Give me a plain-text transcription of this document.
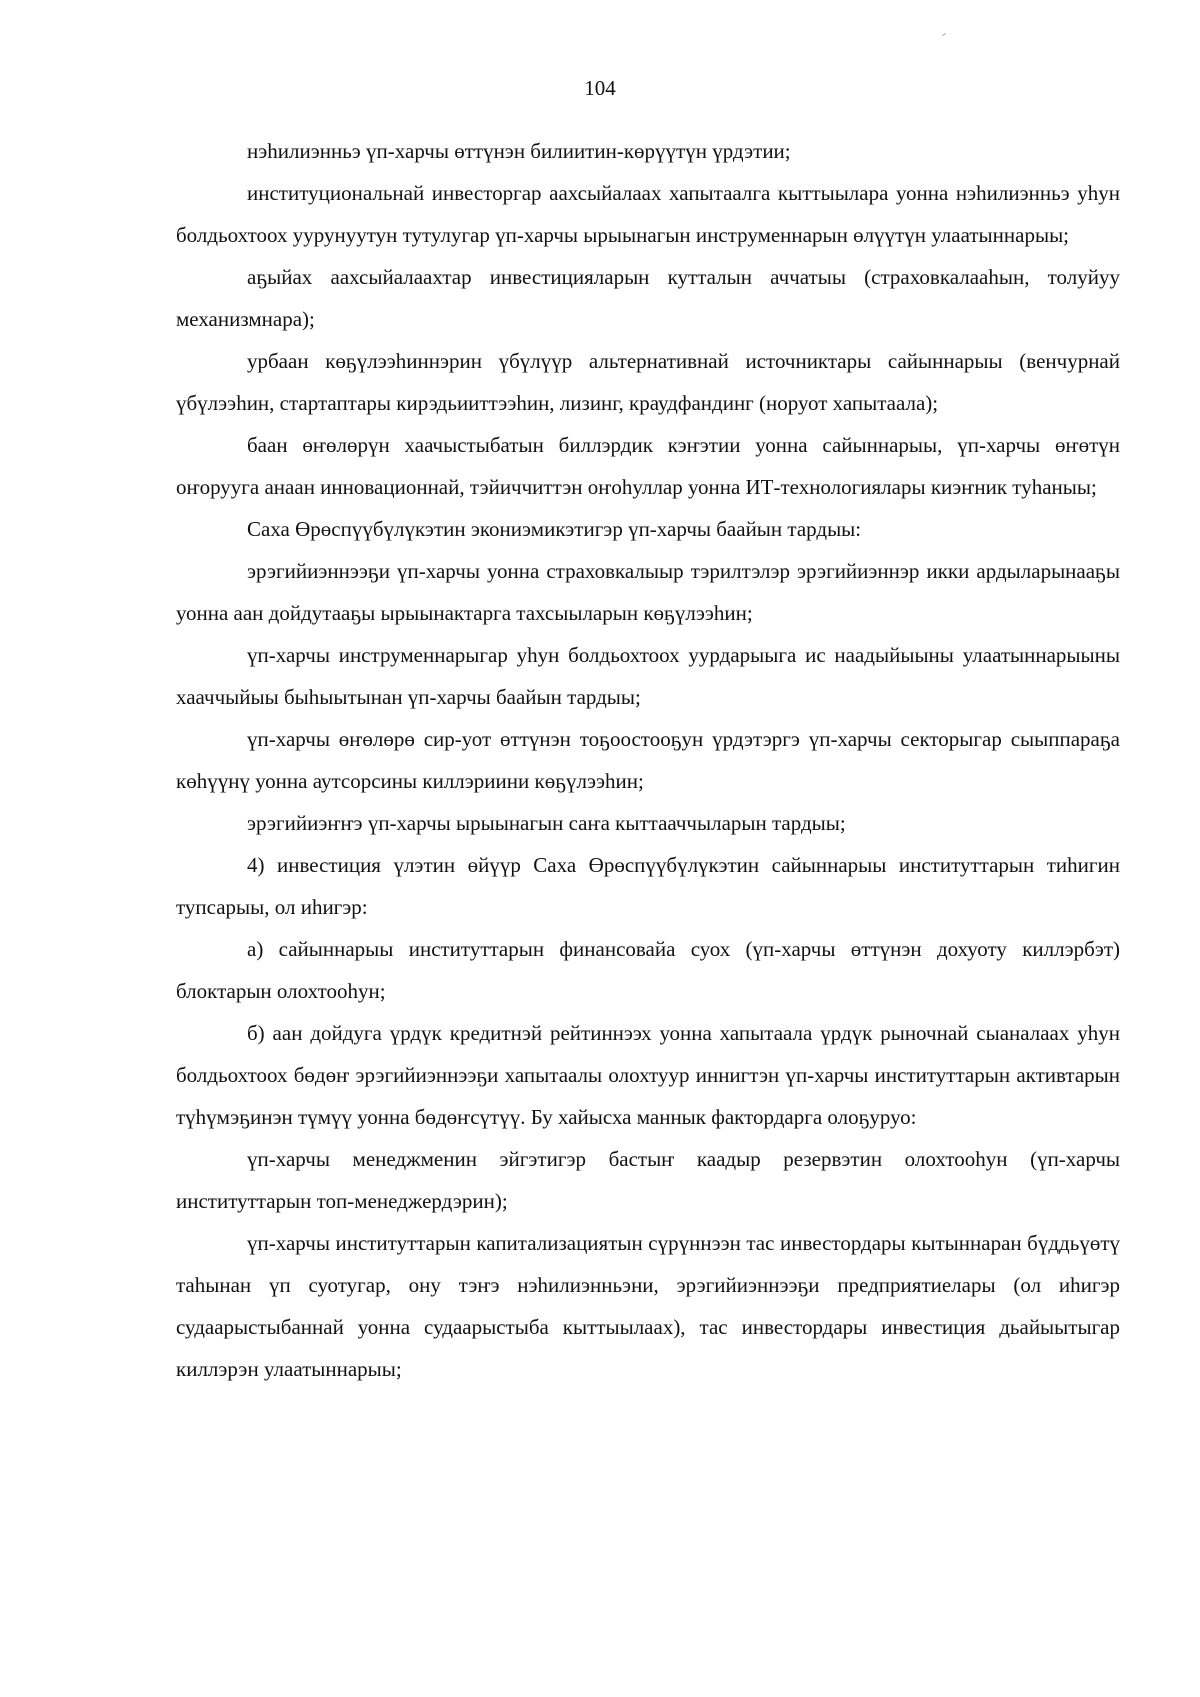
104

нэһилиэнньэ үп-харчы өттүнэн билиитин-көрүүтүн үрдэтии;

институциональнай инвесторгар аахсыйалаах хапытаалга кыттыылара уонна нэһилиэнньэ уһун болдьохтоох уурунуутун тутулугар үп-харчы ырыынагын инструменнарын өлүүтүн улаатыннарыы;

аҕыйах аахсыйалаахтар инвестицияларын кутталын аччатыы (страховкалааһын, толуйуу механизмнара);

урбаан көҕүлээһиннэрин үбүлүүр альтернативнай источниктары сайыннарыы (венчурнай үбүлээһин, стартаптары кирэдьииттээһин, лизинг, краудфандинг (норуот хапытаала);

баан өҥөлөрүн хаачыстыбатын биллэрдик кэҥэтии уонна сайыннарыы, үп-харчы өҥөтүн оҥорууга анаан инновационнай, тэйиччиттэн оҥоһуллар уонна ИТ-технологиялары киэҥник туһаныы;

Саха Өрөспүүбүлүкэтин экониэмикэтигэр үп-харчы баайын тардыы:

эрэгийиэннээҕи үп-харчы уонна страховкалыыр тэрилтэлэр эрэгийиэннэр икки ардыларынааҕы уонна аан дойдутааҕы ырыынактарга тахсыыларын көҕүлээһин;

үп-харчы инструменнарыгар уһун болдьохтоох уурдарыыга ис наадыйыыны улаатыннарыыны хааччыйыы быһыытынан үп-харчы баайын тардыы;

үп-харчы өҥөлөрө сир-уот өттүнэн тоҕоостооҕун үрдэтэргэ үп-харчы секторыгар сыыппараҕа көһүүнү уонна аутсорсины киллэриини көҕүлээһин;

эрэгийиэҥҥэ үп-харчы ырыынагын саҥа кыттааччыларын тардыы;

4) инвестиция үлэтин өйүүр Саха Өрөспүүбүлүкэтин сайыннарыы институттарын тиһигин тупсарыы, ол иһигэр:

а) сайыннарыы институттарын финансовайа суох (үп-харчы өттүнэн дохуоту киллэрбэт) блоктарын олохтооһун;

б) аан дойдуга үрдүк кредитнэй рейтиннээх уонна хапытаала үрдүк рыночнай сыаналаах уһун болдьохтоох бөдөҥ эрэгийиэннээҕи хапытаалы олохтуур иннигтэн үп-харчы институттарын активтарын түһүмэҕинэн түмүү уонна бөдөҥсүтүү. Бу хайысха маннык фактордарга олоҕуруо:

үп-харчы менеджменин эйгэтигэр бастыҥ каадыр резервэтин олохтооһун (үп-харчы институттарын топ-менеджердэрин);

үп-харчы институттарын капитализациятын сүрүннээн тас инвестордары кытыннаран бүддьүөтү таһынан үп суотугар, ону тэҥэ нэһилиэнньэни, эрэгийиэннээҕи предприятиелары (ол иһигэр судаарыстыбаннай уонна судаарыстыба кыттыылаах), тас инвестордары инвестиция дьайыытыгар киллэрэн улаатыннарыы;
